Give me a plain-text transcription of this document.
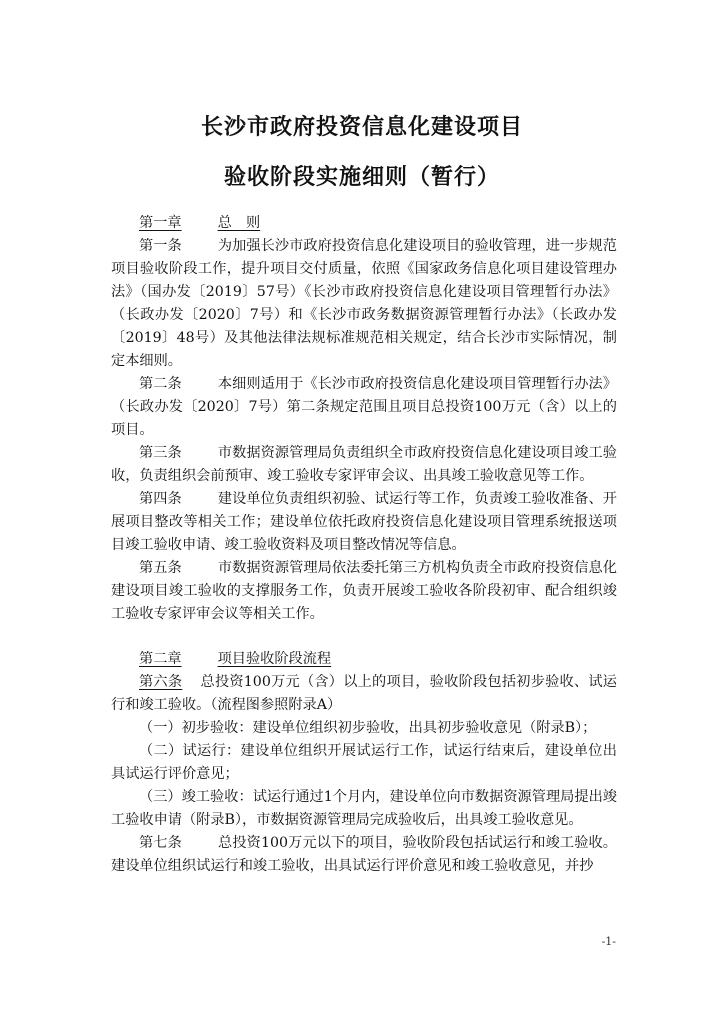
长沙市政府投资信息化建设项目
验收阶段实施细则（暂行）

第一章	总　则

第一条	为加强长沙市政府投资信息化建设项目的验收管理，进一步规范项目验收阶段工作，提升项目交付质量，依照《国家政务信息化项目建设管理办法》（国办发〔2019〕57号）《长沙市政府投资信息化建设项目管理暂行办法》（长政办发〔2020〕7号）和《长沙市政务数据资源管理暂行办法》（长政办发〔2019〕48号）及其他法律法规标准规范相关规定，结合长沙市实际情况，制定本细则。

第二条	本细则适用于《长沙市政府投资信息化建设项目管理暂行办法》（长政办发〔2020〕7号）第二条规定范围且项目总投资100万元（含）以上的项目。

第三条	市数据资源管理局负责组织全市政府投资信息化建设项目竣工验收，负责组织会前预审、竣工验收专家评审会议、出具竣工验收意见等工作。

第四条	建设单位负责组织初验、试运行等工作，负责竣工验收准备、开展项目整改等相关工作；建设单位依托政府投资信息化建设项目管理系统报送项目竣工验收申请、竣工验收资料及项目整改情况等信息。

第五条	市数据资源管理局依法委托第三方机构负责全市政府投资信息化建设项目竣工验收的支撑服务工作，负责开展竣工验收各阶段初审、配合组织竣工验收专家评审会议等相关工作。

第二章	项目验收阶段流程

第六条 总投资100万元（含）以上的项目，验收阶段包括初步验收、试运行和竣工验收。（流程图参照附录A）

（一）初步验收：建设单位组织初步验收，出具初步验收意见（附录B）；

（二）试运行：建设单位组织开展试运行工作，试运行结束后，建设单位出具试运行评价意见；

（三）竣工验收：试运行通过1个月内，建设单位向市数据资源管理局提出竣工验收申请（附录B），市数据资源管理局完成验收后，出具竣工验收意见。

第七条	总投资100万元以下的项目，验收阶段包括试运行和竣工验收。建设单位组织试运行和竣工验收，出具试运行评价意见和竣工验收意见，并抄

-1-
